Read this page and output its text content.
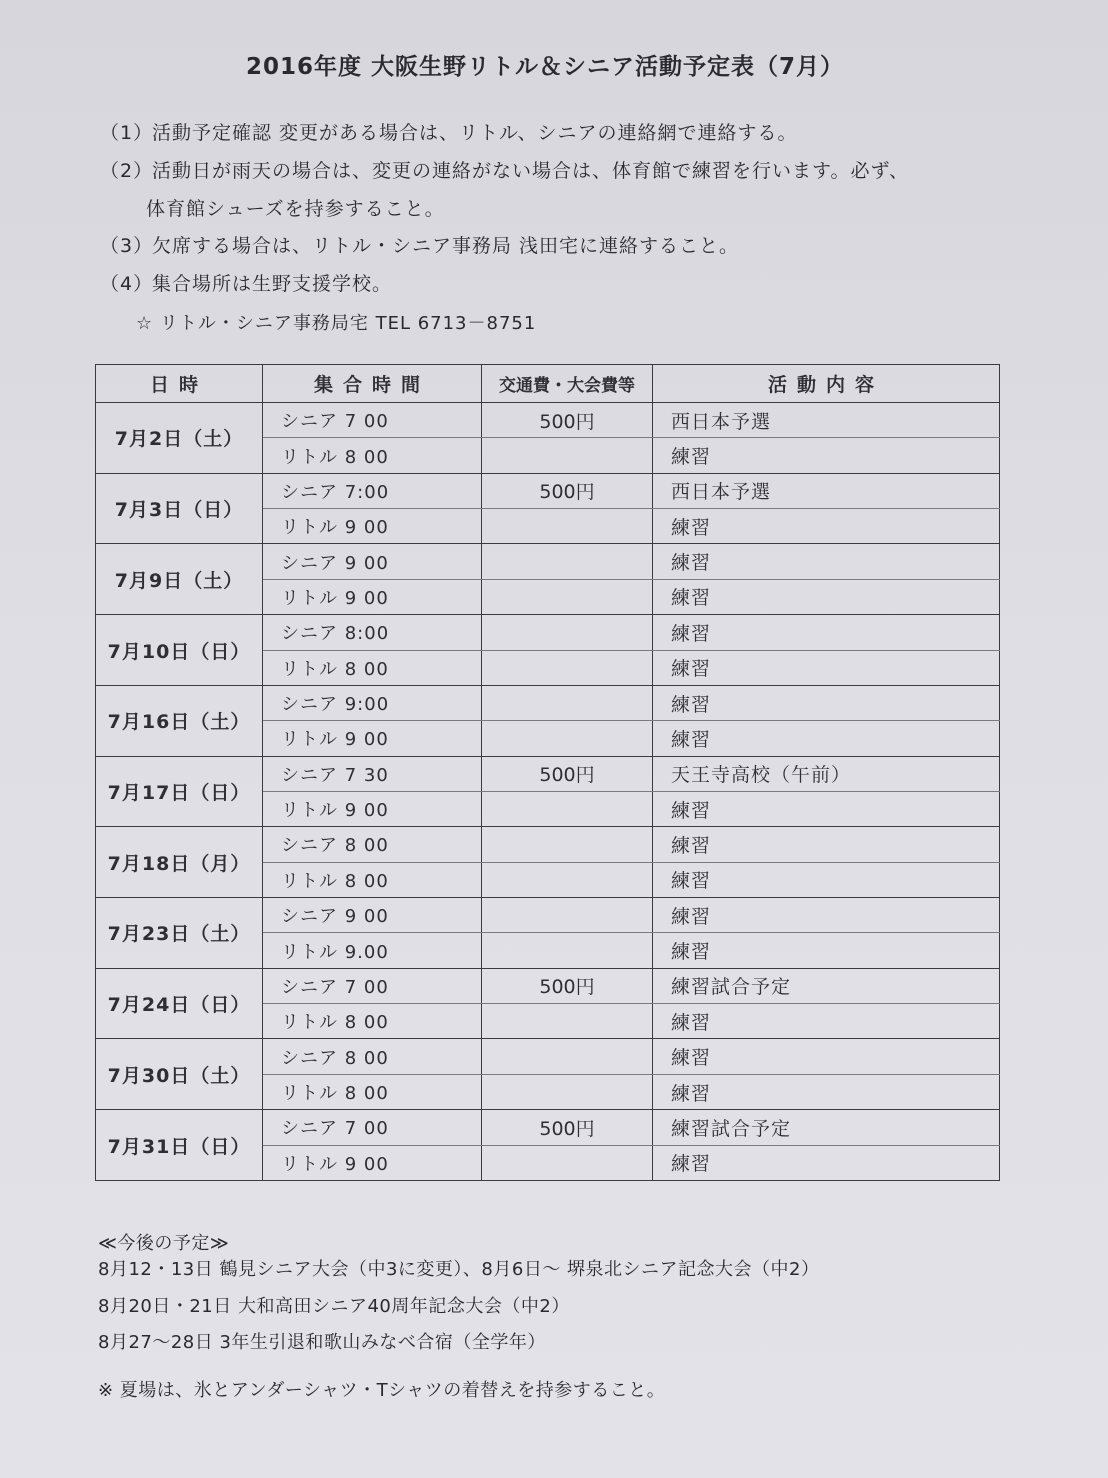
2016年度 大阪生野リトル＆シニア活動予定表（7月）
（1）活動予定確認 変更がある場合は、リトル、シニアの連絡網で連絡する。
（2）活動日が雨天の場合は、変更の連絡がない場合は、体育館で練習を行います。必ず、
体育館シューズを持参すること。
（3）欠席する場合は、リトル・シニア事務局 浅田宅に連絡すること。
（4）集合場所は生野支援学校。
☆ リトル・シニア事務局宅 TEL 6713－8751
日時	集合時間	交通費・大会費等	活動内容
7月2日（土）	シニア 7 00	500円	西日本予選
	リトル 8 00		練習
7月3日（日）	シニア 7:00	500円	西日本予選
	リトル 9 00		練習
7月9日（土）	シニア 9 00		練習
	リトル 9 00		練習
7月10日（日）	シニア 8:00		練習
	リトル 8 00		練習
7月16日（土）	シニア 9:00		練習
	リトル 9 00		練習
7月17日（日）	シニア 7 30	500円	天王寺高校（午前）
	リトル 9 00		練習
7月18日（月）	シニア 8 00		練習
	リトル 8 00		練習
7月23日（土）	シニア 9 00		練習
	リトル 9.00		練習
7月24日（日）	シニア 7 00	500円	練習試合予定
	リトル 8 00		練習
7月30日（土）	シニア 8 00		練習
	リトル 8 00		練習
7月31日（日）	シニア 7 00	500円	練習試合予定
	リトル 9 00		練習
≪今後の予定≫
8月12・13日 鶴見シニア大会（中3に変更）、8月6日～ 堺泉北シニア記念大会（中2）
8月20日・21日 大和高田シニア40周年記念大会（中2）
8月27～28日 3年生引退和歌山みなべ合宿（全学年）
※ 夏場は、氷とアンダーシャツ・Tシャツの着替えを持参すること。
